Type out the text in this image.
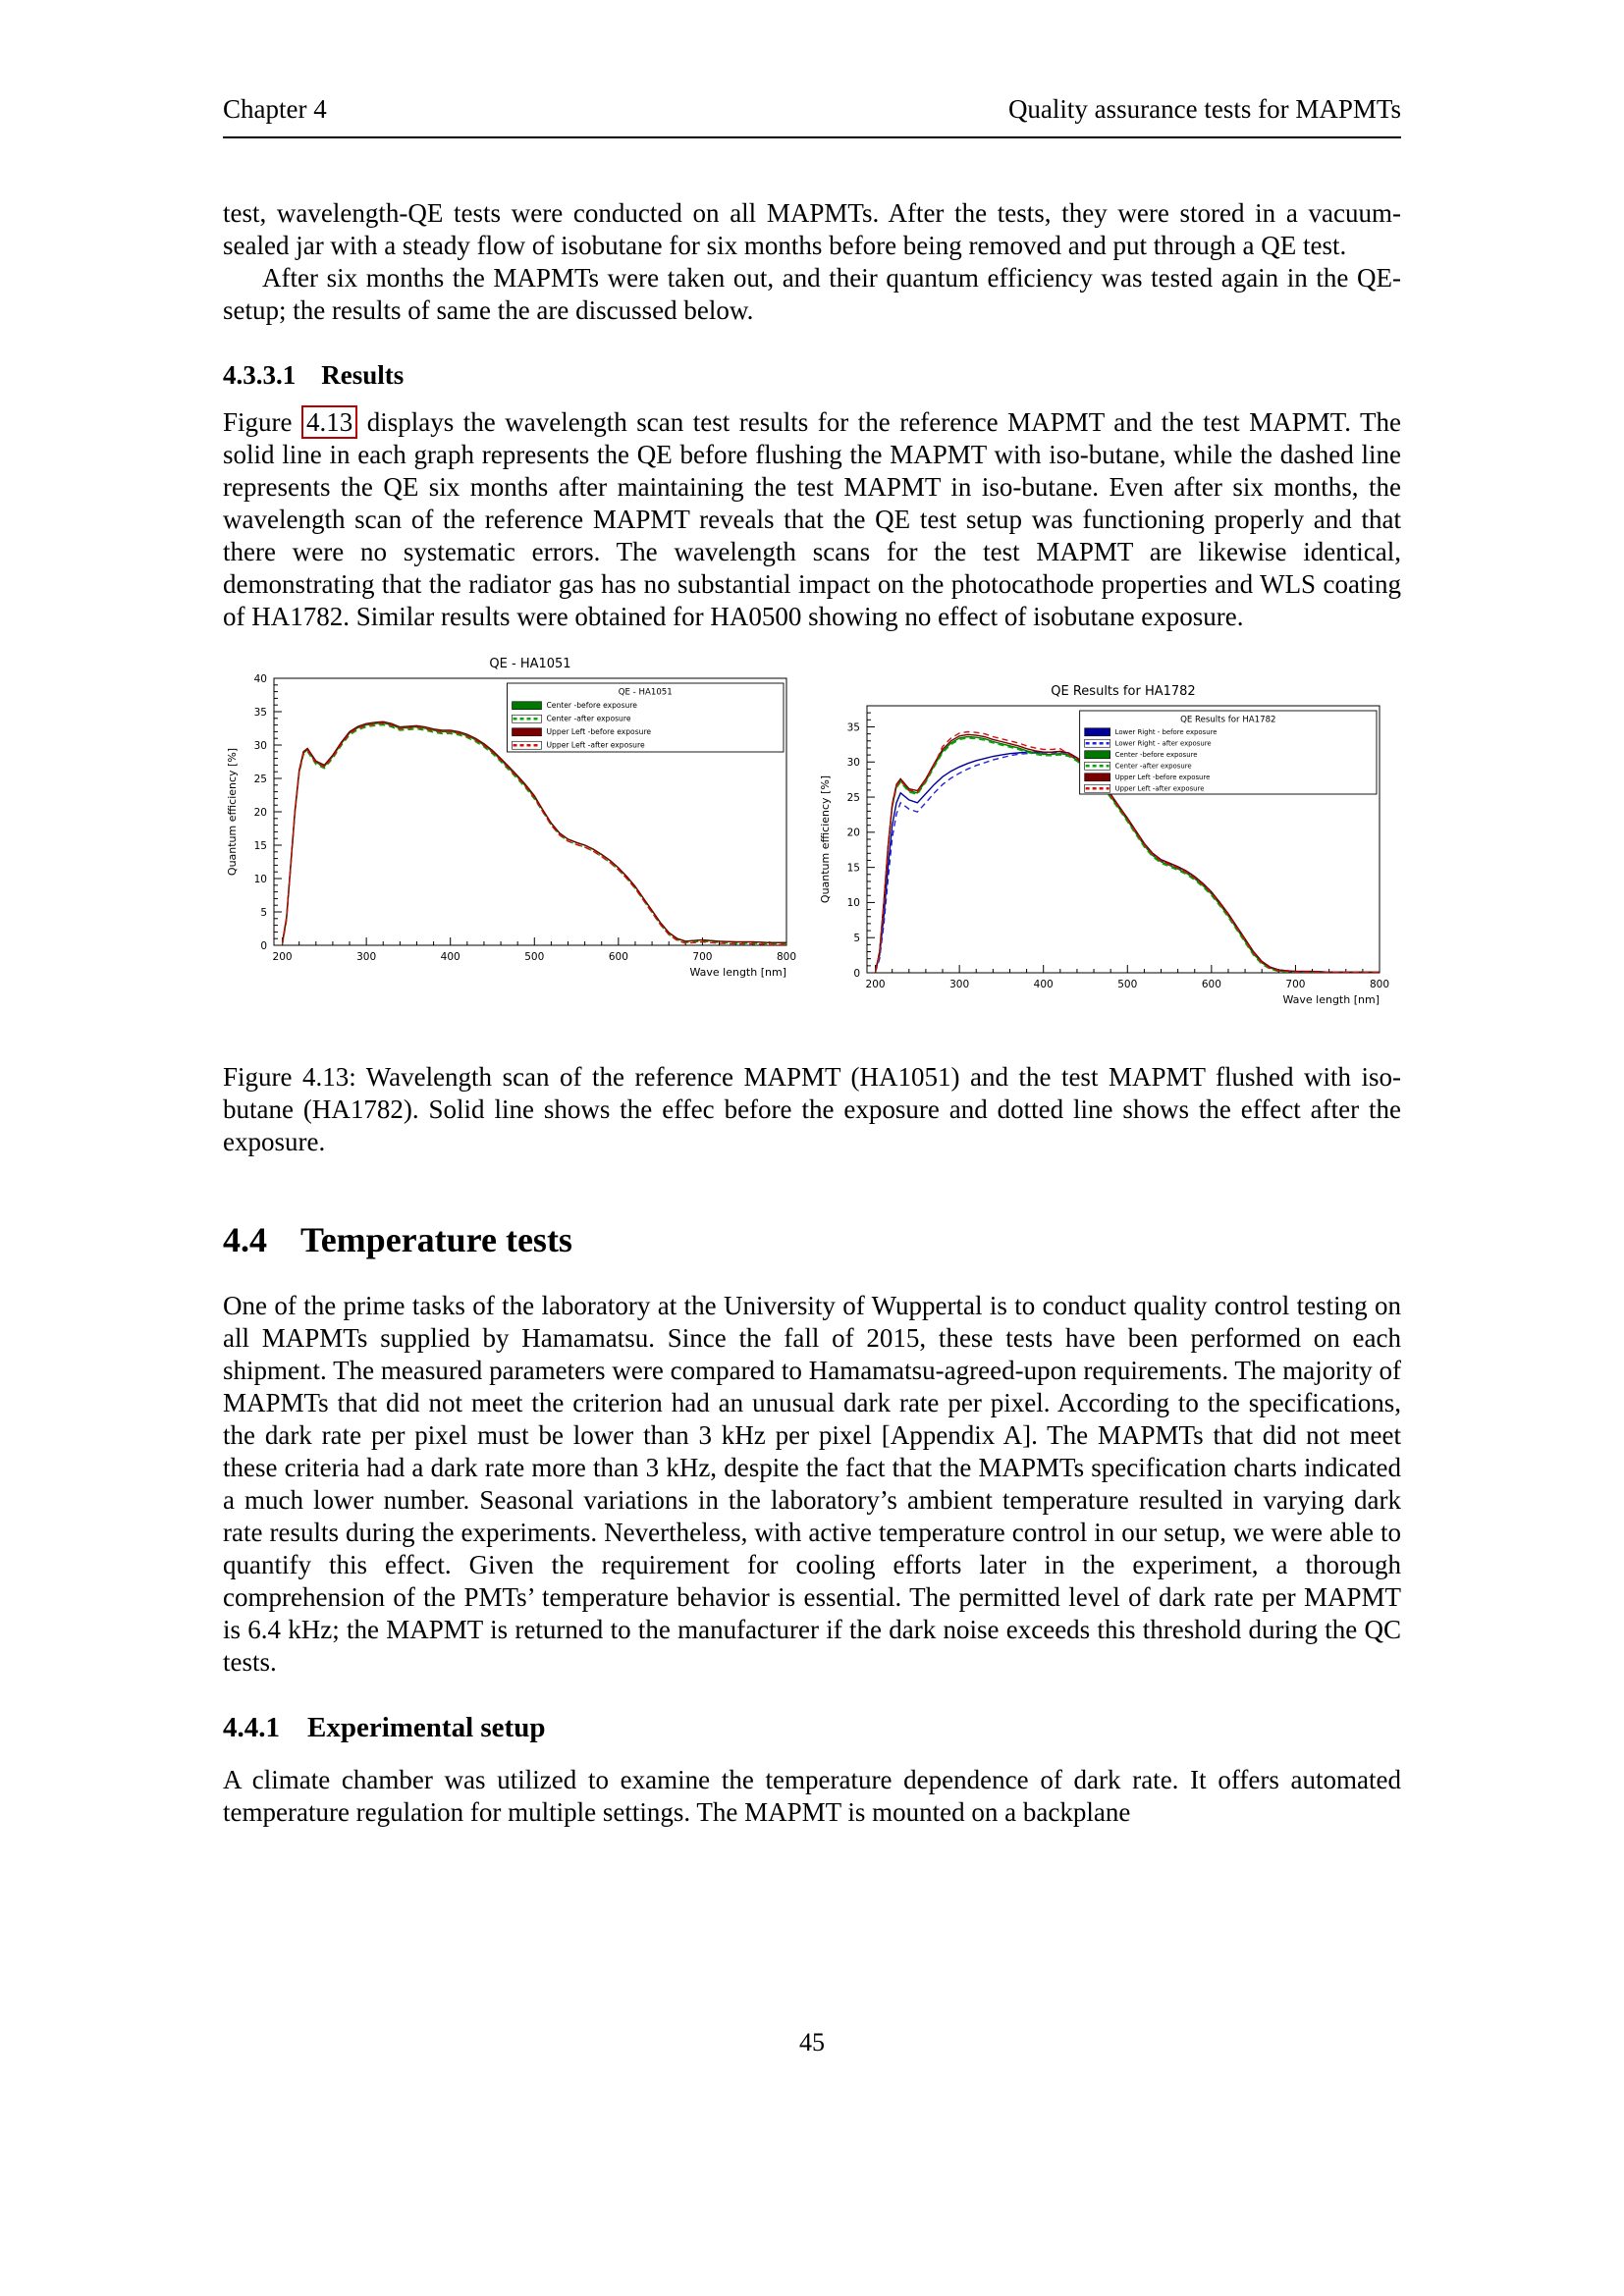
Chapter 4	Quality assurance tests for MAPMTs

test, wavelength-QE tests were conducted on all MAPMTs. After the tests, they were stored in a vacuum-sealed jar with a steady flow of isobutane for six months before being removed and put through a QE test.

After six months the MAPMTs were taken out, and their quantum efficiency was tested again in the QE-setup; the results of same the are discussed below.

4.3.3.1 Results

Figure 4.13 displays the wavelength scan test results for the reference MAPMT and the test MAPMT. The solid line in each graph represents the QE before flushing the MAPMT with iso-butane, while the dashed line represents the QE six months after maintaining the test MAPMT in iso-butane. Even after six months, the wavelength scan of the reference MAPMT reveals that the QE test setup was functioning properly and that there were no systematic errors. The wavelength scans for the test MAPMT are likewise identical, demonstrating that the radiator gas has no substantial impact on the photocathode properties and WLS coating of HA1782. Similar results were obtained for HA0500 showing no effect of isobutane exposure.

QE - HA1051
200	300	400	500	600	700	800
0
5
10
15
20
25
30
35
40
Wave length [nm]
Quantum efficiency [%]
QE - HA1051
Center -before exposure
Center -after exposure
Upper Left -before exposure
Upper Left -after exposure
QE Results for HA1782
200	300	400	500	600	700	800
0
5
10
15
20
25
30
35
Wave length [nm]
Quantum efficiency [%]
QE Results for HA1782
Lower Right - before exposure
Lower Right - after exposure
Center -before exposure
Center -after exposure
Upper Left -before exposure
Upper Left -after exposure

Figure 4.13: Wavelength scan of the reference MAPMT (HA1051) and the test MAPMT flushed with iso-butane (HA1782). Solid line shows the effec before the exposure and dotted line shows the effect after the exposure.

4.4 Temperature tests

One of the prime tasks of the laboratory at the University of Wuppertal is to conduct quality control testing on all MAPMTs supplied by Hamamatsu. Since the fall of 2015, these tests have been performed on each shipment. The measured parameters were compared to Hamamatsu-agreed-upon requirements. The majority of MAPMTs that did not meet the criterion had an unusual dark rate per pixel. According to the specifications, the dark rate per pixel must be lower than 3 kHz per pixel [Appendix A]. The MAPMTs that did not meet these criteria had a dark rate more than 3 kHz, despite the fact that the MAPMTs specification charts indicated a much lower number. Seasonal variations in the laboratory’s ambient temperature resulted in varying dark rate results during the experiments. Nevertheless, with active temperature control in our setup, we were able to quantify this effect. Given the requirement for cooling efforts later in the experiment, a thorough comprehension of the PMTs’ temperature behavior is essential. The permitted level of dark rate per MAPMT is 6.4 kHz; the MAPMT is returned to the manufacturer if the dark noise exceeds this threshold during the QC tests.

4.4.1 Experimental setup

A climate chamber was utilized to examine the temperature dependence of dark rate. It offers automated temperature regulation for multiple settings. The MAPMT is mounted on a backplane

45
